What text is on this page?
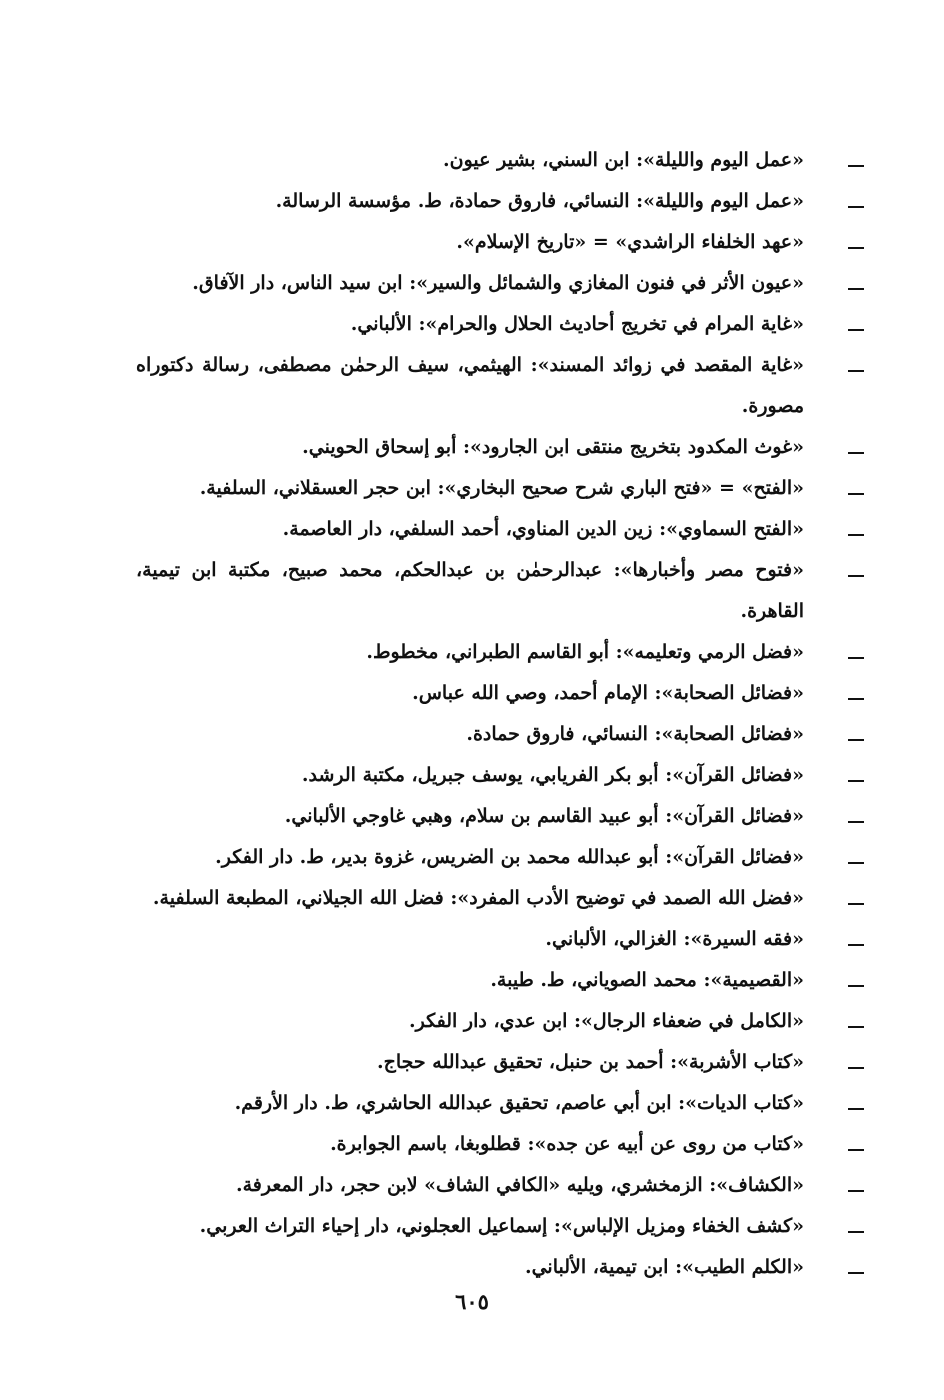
«عمل اليوم والليلة»: ابن السني، بشير عيون.
«عمل اليوم والليلة»: النسائي، فاروق حمادة، ط. مؤسسة الرسالة.
«عهد الخلفاء الراشدي» = «تاريخ الإسلام».
«عيون الأثر في فنون المغازي والشمائل والسير»: ابن سيد الناس، دار الآفاق.
«غاية المرام في تخريج أحاديث الحلال والحرام»: الألباني.
«غاية المقصد في زوائد المسند»: الهيثمي، سيف الرحمٰن مصطفى، رسالة دكتوراه مصورة.
«غوث المكدود بتخريج منتقى ابن الجارود»: أبو إسحاق الحويني.
«الفتح» = «فتح الباري شرح صحيح البخاري»: ابن حجر العسقلاني، السلفية.
«الفتح السماوي»: زين الدين المناوي، أحمد السلفي، دار العاصمة.
«فتوح مصر وأخبارها»: عبدالرحمٰن بن عبدالحكم، محمد صبيح، مكتبة ابن تيمية، القاهرة.
«فضل الرمي وتعليمه»: أبو القاسم الطبراني، مخطوط.
«فضائل الصحابة»: الإمام أحمد، وصي الله عباس.
«فضائل الصحابة»: النسائي، فاروق حمادة.
«فضائل القرآن»: أبو بكر الفريابي، يوسف جبريل، مكتبة الرشد.
«فضائل القرآن»: أبو عبيد القاسم بن سلام، وهبي غاوجي الألباني.
«فضائل القرآن»: أبو عبدالله محمد بن الضريس، غزوة بدير، ط. دار الفكر.
«فضل الله الصمد في توضيح الأدب المفرد»: فضل الله الجيلاني، المطبعة السلفية.
«فقه السيرة»: الغزالي، الألباني.
«القصيمية»: محمد الصوياني، ط. طيبة.
«الكامل في ضعفاء الرجال»: ابن عدي، دار الفكر.
«كتاب الأشربة»: أحمد بن حنبل، تحقيق عبدالله حجاج.
«كتاب الديات»: ابن أبي عاصم، تحقيق عبدالله الحاشري، ط. دار الأرقم.
«كتاب من روى عن أبيه عن جده»: قطلوبغا، باسم الجوابرة.
«الكشاف»: الزمخشري، ويليه «الكافي الشاف» لابن حجر، دار المعرفة.
«كشف الخفاء ومزيل الإلباس»: إسماعيل العجلوني، دار إحياء التراث العربي.
«الكلم الطيب»: ابن تيمية، الألباني.
٦٠٥
